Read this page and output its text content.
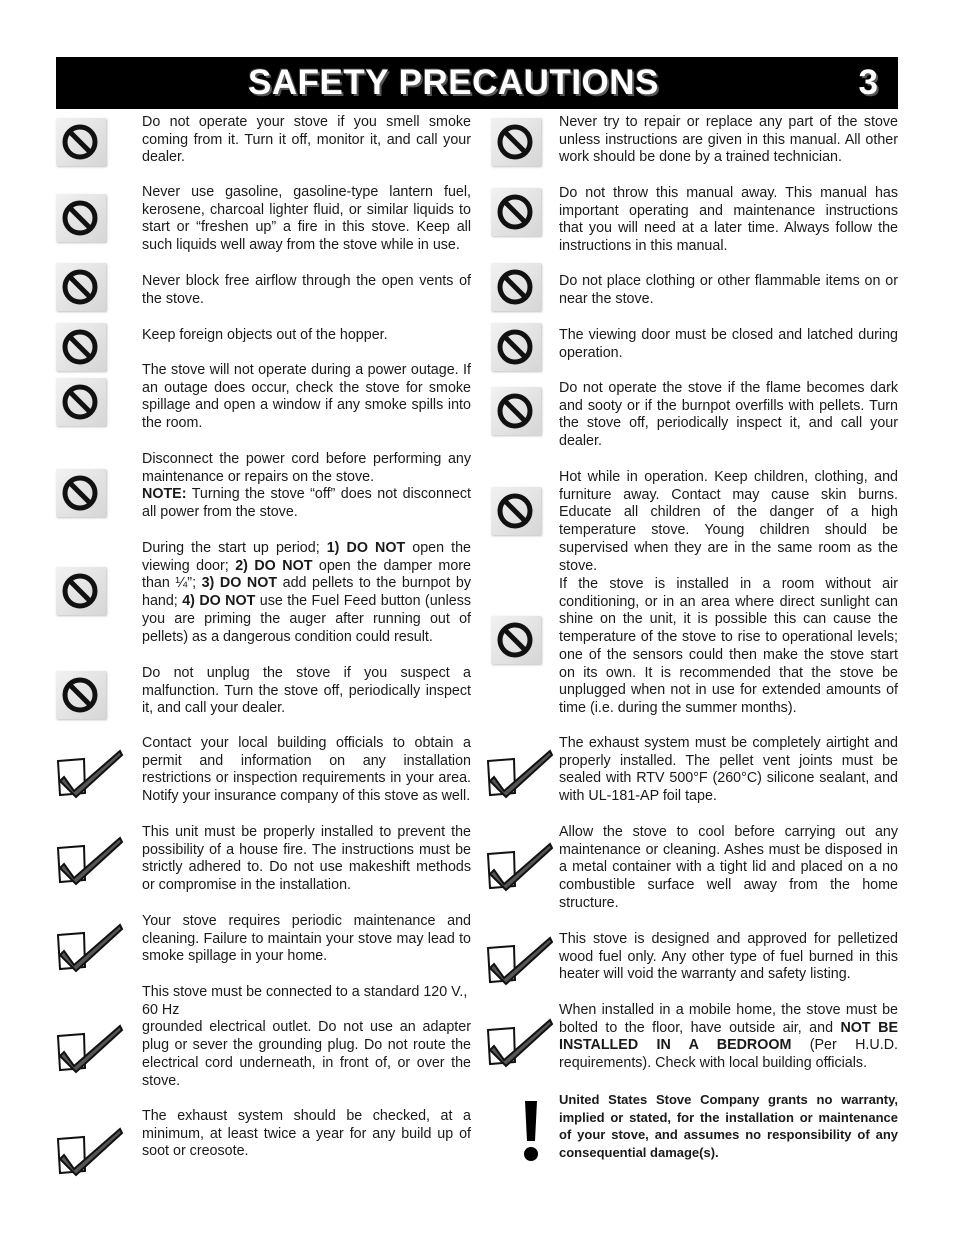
SAFETY PRECAUTIONS	3
Do not operate your stove if you smell smoke coming from it. Turn it off, monitor it, and call your dealer.
Never use gasoline, gasoline-type lantern fuel, kerosene, charcoal lighter fluid, or similar liquids to start or “freshen up” a fire in this stove. Keep all such liquids well away from the stove while in use.
Never block free airflow through the open vents of the stove.
Keep foreign objects out of the hopper.
The stove will not operate during a power outage. If an outage does occur, check the stove for smoke spillage and open a window if any smoke spills into the room.
Disconnect the power cord before performing any maintenance or repairs on the stove.
NOTE: Turning the stove “off” does not disconnect all power from the stove.
During the start up period; 1) DO NOT open the viewing door; 2) DO NOT open the damper more than ¼”; 3) DO NOT add pellets to the burnpot by hand; 4) DO NOT use the Fuel Feed button (unless you are priming the auger after running out of pellets) as a dangerous condition could result.
Do not unplug the stove if you suspect a malfunction. Turn the stove off, periodically inspect it, and call your dealer.
Contact your local building officials to obtain a permit and information on any installation restrictions or inspection requirements in your area. Notify your insurance company of this stove as well.
This unit must be properly installed to prevent the possibility of a house fire. The instructions must be strictly adhered to. Do not use makeshift methods or compromise in the installation.
Your stove requires periodic maintenance and cleaning. Failure to maintain your stove may lead to smoke spillage in your home.
This stove must be connected to a standard 120 V., 60 Hz
grounded electrical outlet. Do not use an adapter plug or sever the grounding plug. Do not route the electrical cord underneath, in front of, or over the stove.
The exhaust system should be checked, at a minimum, at least twice a year for any build up of soot or creosote.
Never try to repair or replace any part of the stove unless instructions are given in this manual. All other work should be done by a trained technician.
Do not throw this manual away. This manual has important operating and maintenance instructions that you will need at a later time. Always follow the instructions in this manual.
Do not place clothing or other flammable items on or near the stove.
The viewing door must be closed and latched during operation.
Do not operate the stove if the flame becomes dark and sooty or if the burnpot overfills with pellets. Turn the stove off, periodically inspect it, and call your dealer.
Hot while in operation. Keep children, clothing, and furniture away. Contact may cause skin burns. Educate all children of the danger of a high temperature stove. Young children should be supervised when they are in the same room as the stove.
If the stove is installed in a room without air conditioning, or in an area where direct sunlight can shine on the unit, it is possible this can cause the temperature of the stove to rise to operational levels; one of the sensors could then make the stove start on its own. It is recommended that the stove be unplugged when not in use for extended amounts of time (i.e. during the summer months).
The exhaust system must be completely airtight and properly installed. The pellet vent joints must be sealed with RTV 500°F (260°C) silicone sealant, and with UL-181-AP foil tape.
Allow the stove to cool before carrying out any maintenance or cleaning. Ashes must be disposed in a metal container with a tight lid and placed on a no combustible surface well away from the home structure.
This stove is designed and approved for pelletized wood fuel only. Any other type of fuel burned in this heater will void the warranty and safety listing.
When installed in a mobile home, the stove must be bolted to the floor, have outside air, and NOT BE INSTALLED IN A BEDROOM (Per H.U.D. requirements). Check with local building officials.
United States Stove Company grants no warranty, implied or stated, for the installation or maintenance of your stove, and assumes no responsibility of any consequential damage(s).
